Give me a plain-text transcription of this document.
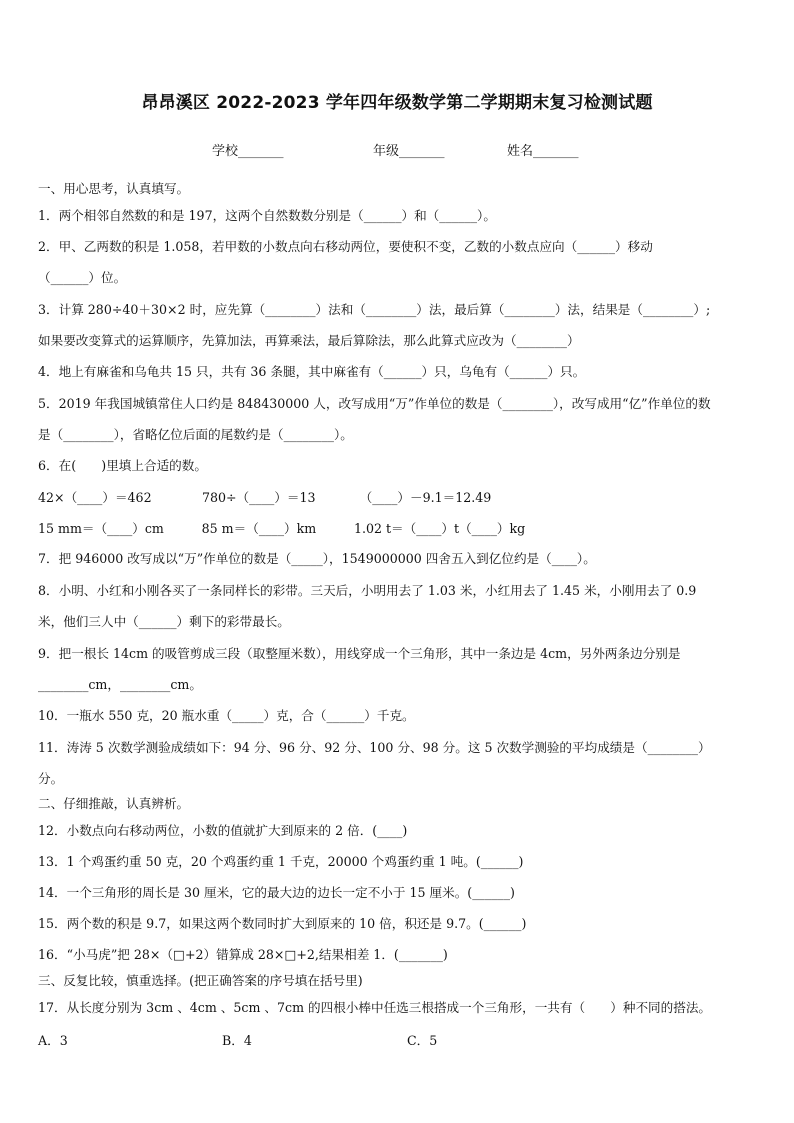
昂昂溪区 2022-2023 学年四年级数学第二学期期末复习检测试题
学校_______	年级_______	姓名_______
一、用心思考，认真填写。
1．两个相邻自然数的和是 197，这两个自然数数分别是（______）和（______）。
2．甲、乙两数的积是 1.058，若甲数的小数点向右移动两位，要使积不变，乙数的小数点应向（______）移动
（______）位。
3．计算 280÷40＋30×2 时，应先算（________）法和（________）法，最后算（________）法，结果是（________）;
如果要改变算式的运算顺序，先算加法，再算乘法，最后算除法，那么此算式应改为（________）
4．地上有麻雀和乌龟共 15 只，共有 36 条腿，其中麻雀有（______）只，乌龟有（______）只。
5．2019 年我国城镇常住人口约是 848430000 人，改写成用“万”作单位的数是（________），改写成用“亿”作单位的数
是（________），省略亿位后面的尾数约是（________）。
6．在(　　)里填上合适的数。
42×（____）＝462　　　　780÷（____）＝13　　　　（____）－9.1＝12.49
15 mm＝（____）cm　　　85 m＝（____）km　　　1.02 t＝（____）t（____）kg
7．把 946000 改写成以“万”作单位的数是（_____），1549000000 四舍五入到亿位约是（____）。
8．小明、小红和小刚各买了一条同样长的彩带。三天后，小明用去了 1.03 米，小红用去了 1.45 米，小刚用去了 0.9
米，他们三人中（______）剩下的彩带最长。
9．把一根长 14cm 的吸管剪成三段（取整厘米数），用线穿成一个三角形，其中一条边是 4cm，另外两条边分别是
________cm，________cm。
10．一瓶水 550 克，20 瓶水重（_____）克，合（______）千克。
11．涛涛 5 次数学测验成绩如下：94 分、96 分、92 分、100 分、98 分。这 5 次数学测验的平均成绩是（________）
分。
二、仔细推敲，认真辨析。
12．小数点向右移动两位，小数的值就扩大到原来的 2 倍．(____)
13．1 个鸡蛋约重 50 克，20 个鸡蛋约重 1 千克，20000 个鸡蛋约重 1 吨。(______)
14．一个三角形的周长是 30 厘米，它的最大边的边长一定不小于 15 厘米。(______)
15．两个数的积是 9.7，如果这两个数同时扩大到原来的 10 倍，积还是 9.7。(______)
16．“小马虎”把 28×（□+2）错算成 28×□+2,结果相差 1．(_______)
三、反复比较，慎重选择。(把正确答案的序号填在括号里)
17．从长度分别为 3cm 、4cm 、5cm 、7cm 的四根小棒中任选三根搭成一个三角形，一共有（　　）种不同的搭法。
A．3	B．4	C．5
